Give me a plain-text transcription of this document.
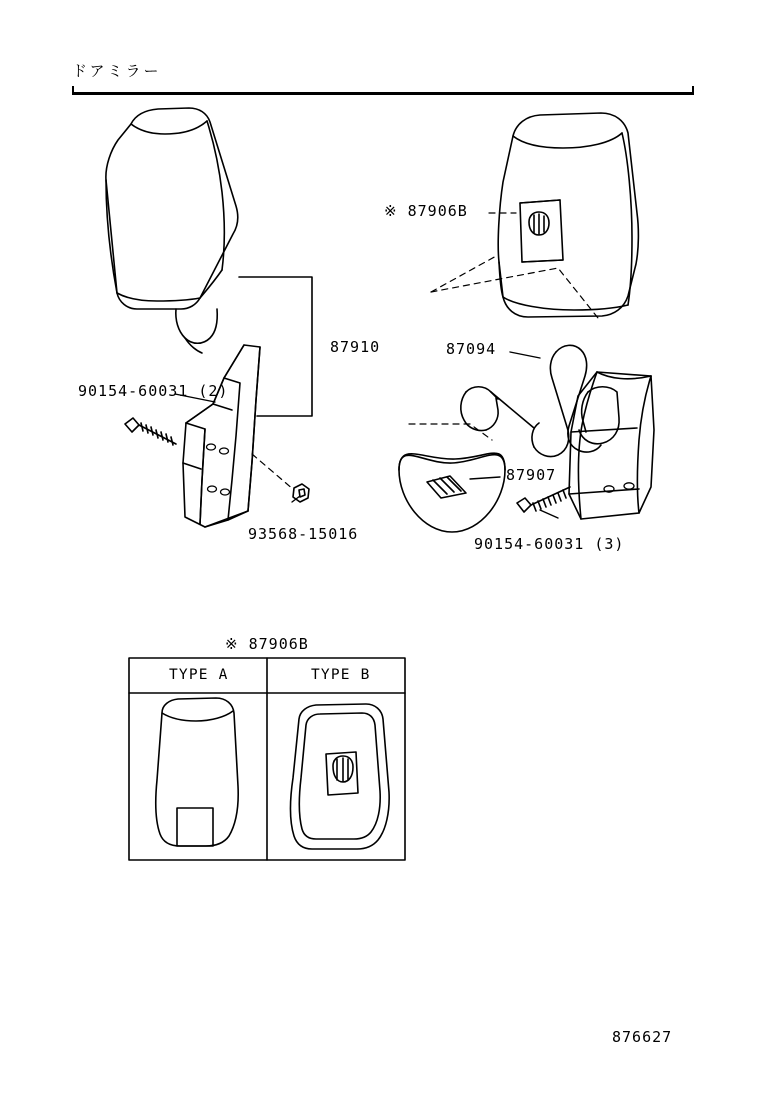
ドアミラー
87910
※ 87906B
87094
87907
90154-60031 (2)
93568-15016
90154-60031 (3)
※ 87906B
TYPE A	TYPE B
876627
